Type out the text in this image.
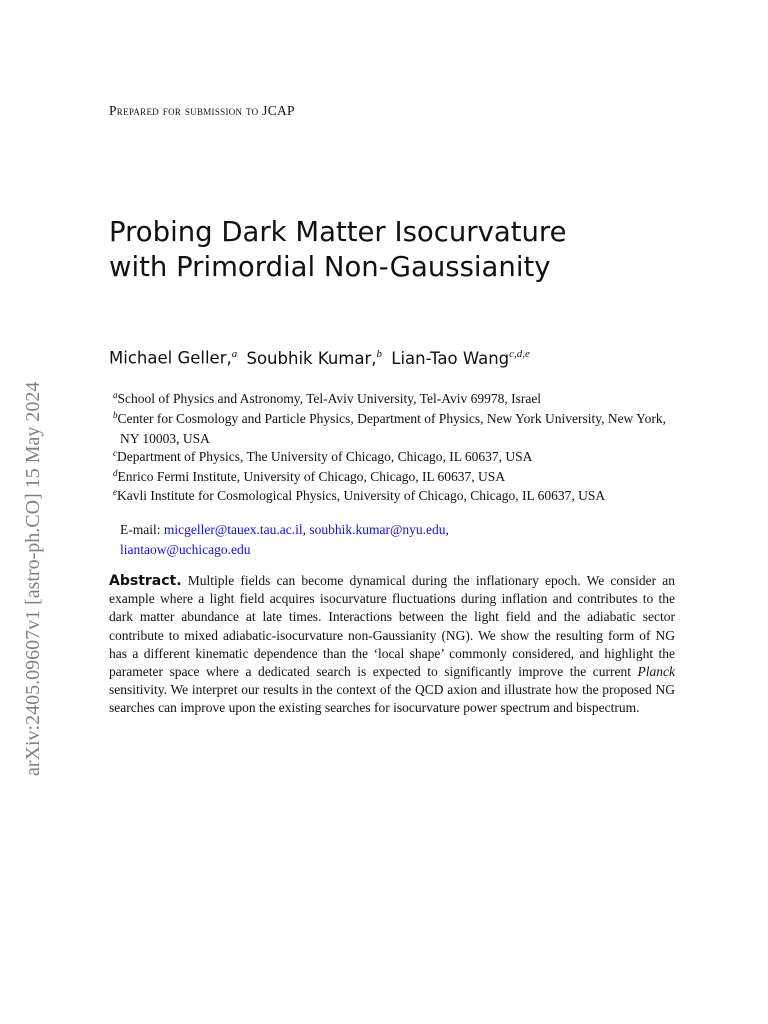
arXiv:2405.09607v1 [astro-ph.CO] 15 May 2024
Prepared for submission to JCAP
Probing Dark Matter Isocurvature
with Primordial Non-Gaussianity
Michael Geller,$^a$ Soubhik Kumar,$^b$ Lian-Tao Wang$^{c,d,e}$
$^a$School of Physics and Astronomy, Tel-Aviv University, Tel-Aviv 69978, Israel
$^b$Center for Cosmology and Particle Physics, Department of Physics, New York University, New York, NY 10003, USA
$^c$Department of Physics, The University of Chicago, Chicago, IL 60637, USA
$^d$Enrico Fermi Institute, University of Chicago, Chicago, IL 60637, USA
$^e$Kavli Institute for Cosmological Physics, University of Chicago, Chicago, IL 60637, USA
E-mail: micgeller@tauex.tau.ac.il, soubhik.kumar@nyu.edu,
liantaow@uchicago.edu
Abstract. Multiple fields can become dynamical during the inflationary epoch. We consider an example where a light field acquires isocurvature fluctuations during inflation and contributes to the dark matter abundance at late times. Interactions between the light field and the adiabatic sector contribute to mixed adiabatic-isocurvature non-Gaussianity (NG). We show the resulting form of NG has a different kinematic dependence than the ‘local shape’ commonly considered, and highlight the parameter space where a dedicated search is expected to significantly improve the current Planck sensitivity. We interpret our results in the context of the QCD axion and illustrate how the proposed NG searches can improve upon the existing searches for isocurvature power spectrum and bispectrum.
